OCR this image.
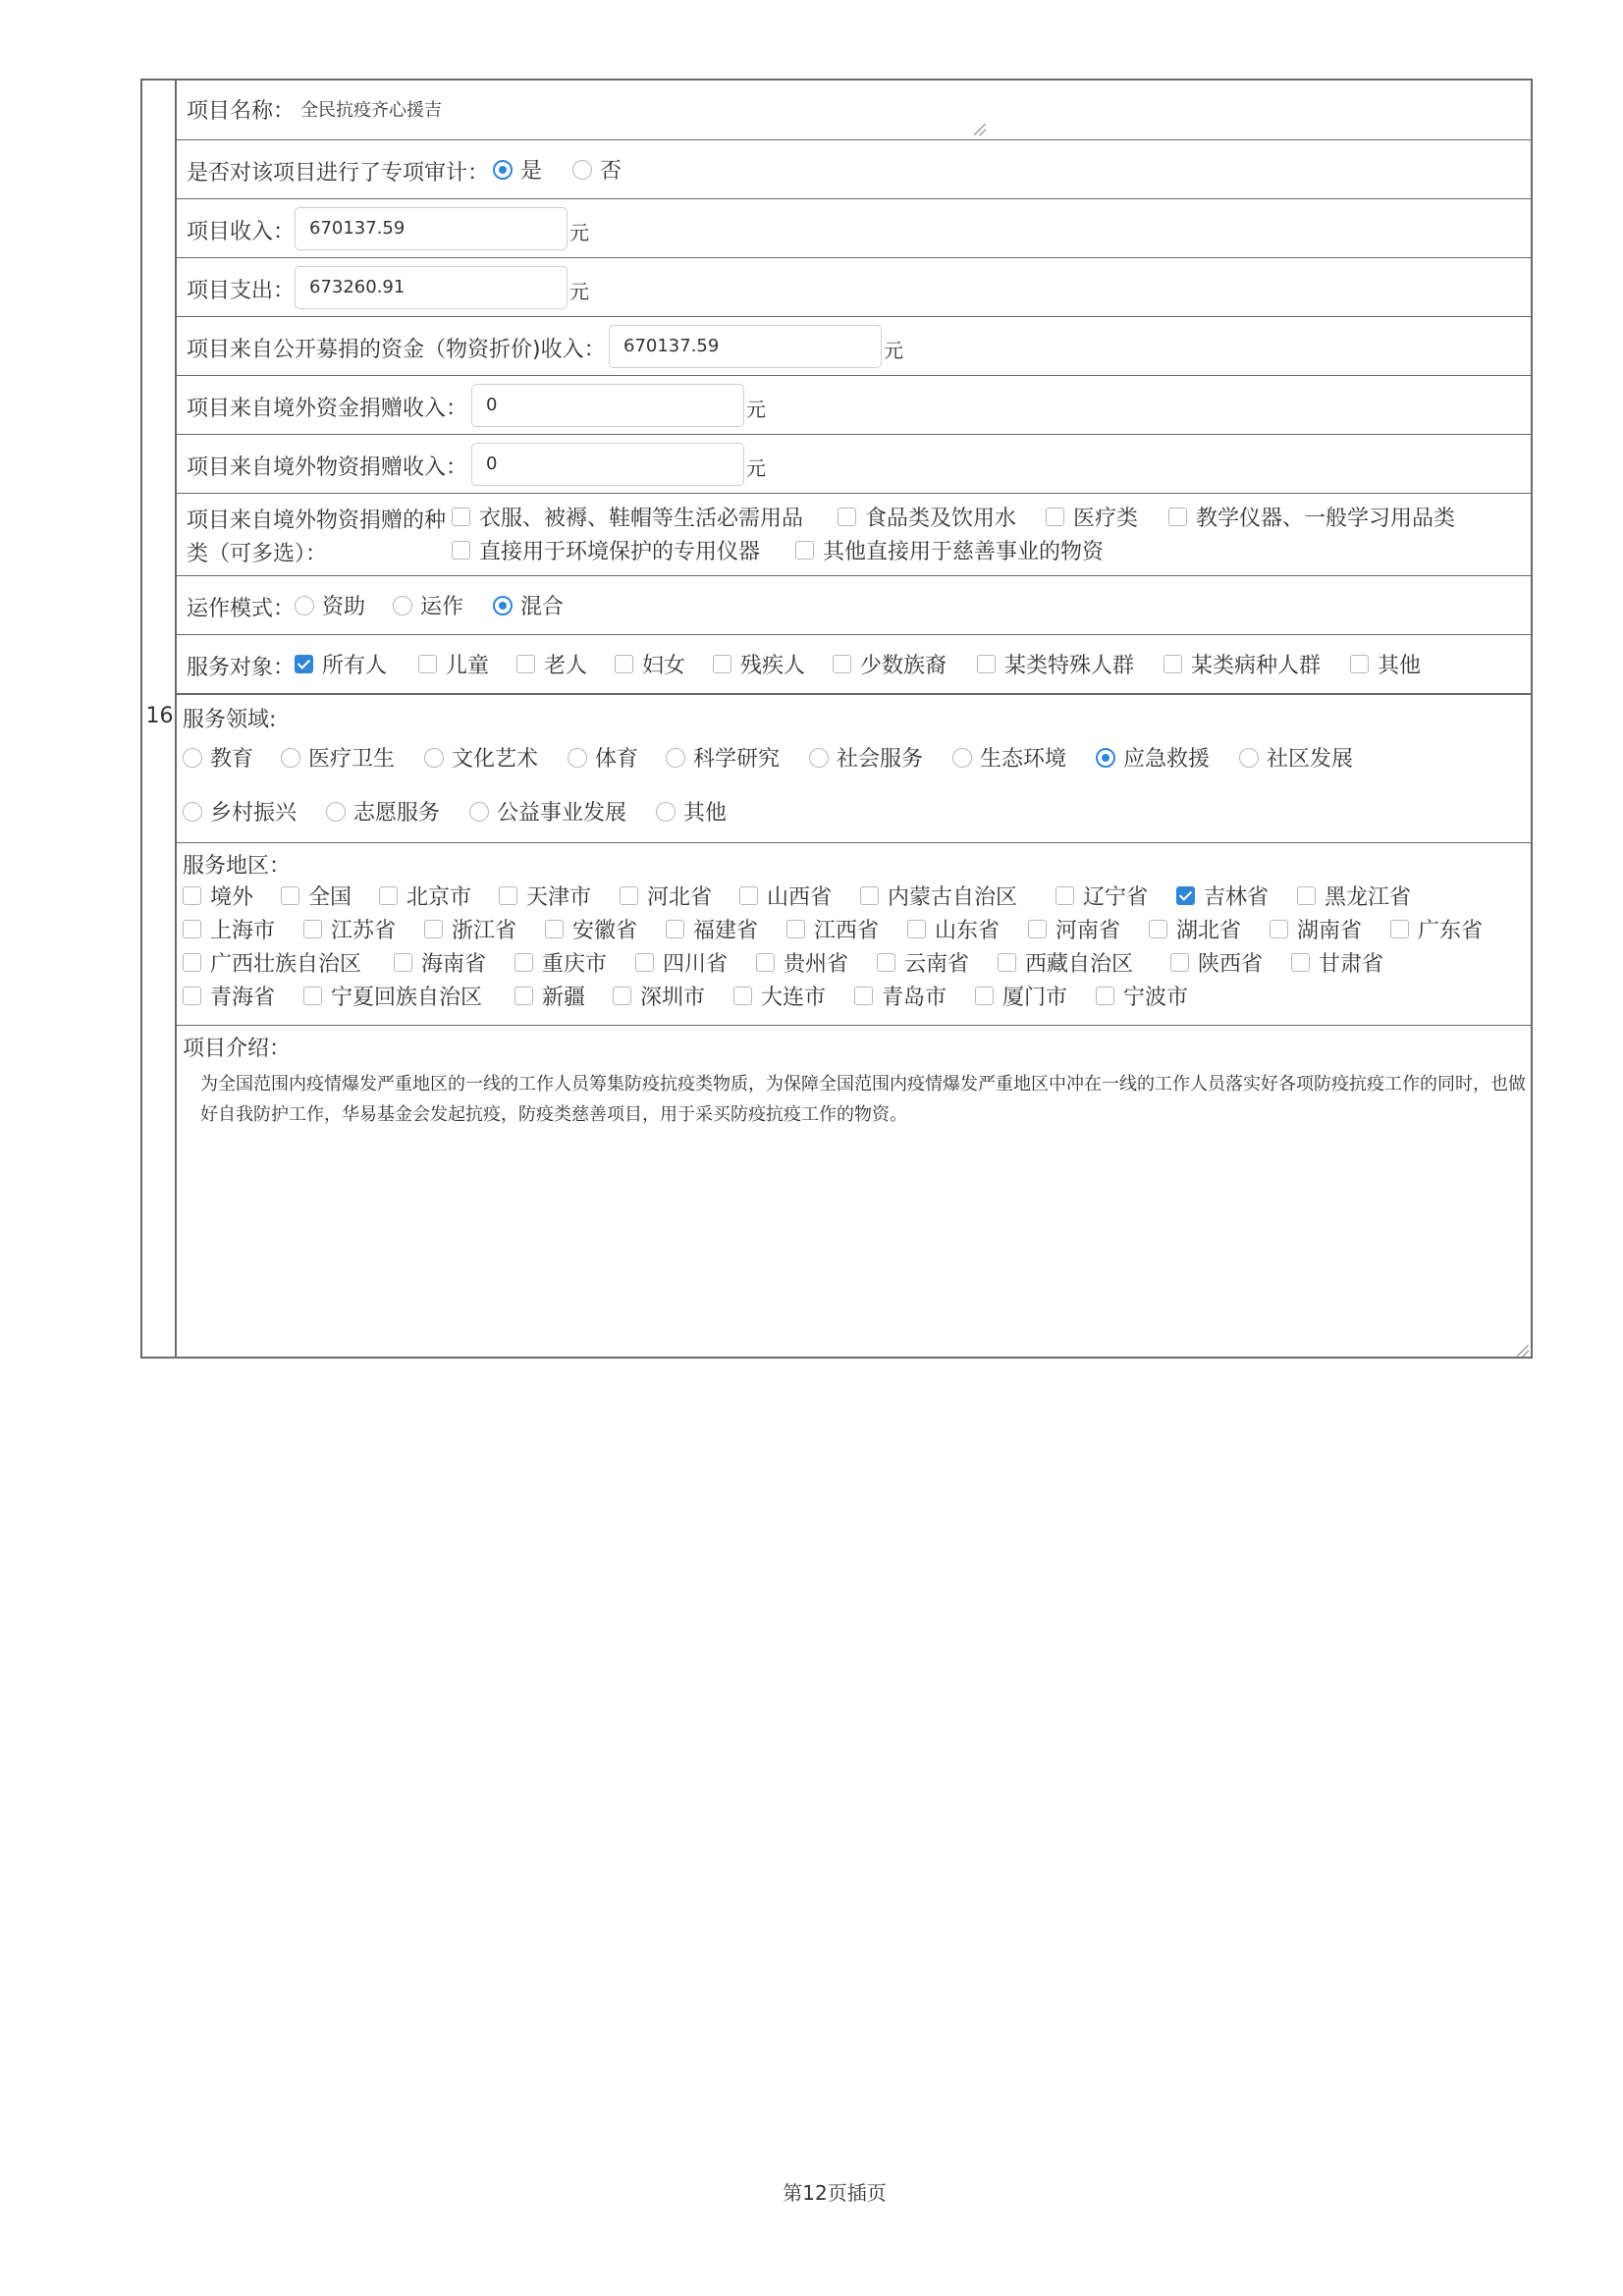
16
项目名称： 全民抗疫齐心援吉
是否对该项目进行了专项审计： 是	否
项目收入： 670137.59	元
项目支出： 673260.91	元
项目来自公开募捐的资金（物资折价)收入：	670137.59	元
项目来自境外资金捐赠收入：	0	元
项目来自境外物资捐赠收入：	0	元
项目来自境外物资捐赠的种
类（可多选）：
衣服、被褥、鞋帽等生活必需用品	食品类及饮用水	医疗类	教学仪器、一般学习用品类
直接用于环境保护的专用仪器	其他直接用于慈善事业的物资
运作模式： 资助	运作	混合
服务对象： 所有人	儿童	老人	妇女	残疾人	少数族裔	某类特殊人群	某类病种人群	其他
服务领域:
教育	医疗卫生	文化艺术	体育	科学研究	社会服务	生态环境	应急救援	社区发展
乡村振兴	志愿服务	公益事业发展	其他
服务地区：
境外	全国	北京市	天津市	河北省	山西省	内蒙古自治区	辽宁省	吉林省	黑龙江省
上海市	江苏省	浙江省	安徽省	福建省	江西省	山东省	河南省	湖北省	湖南省	广东省
广西壮族自治区	海南省	重庆市	四川省	贵州省	云南省	西藏自治区	陕西省	甘肃省
青海省	宁夏回族自治区	新疆	深圳市	大连市	青岛市	厦门市	宁波市
项目介绍：
为全国范围内疫情爆发严重地区的一线的工作人员筹集防疫抗疫类物质，为保障全国范围内疫情爆发严重地区中冲在一线的工作人员落实好各项防疫抗疫工作的同时，也做好自我防护工作，华易基金会发起抗疫，防疫类慈善项目，用于采买防疫抗疫工作的物资。
第12页插页
